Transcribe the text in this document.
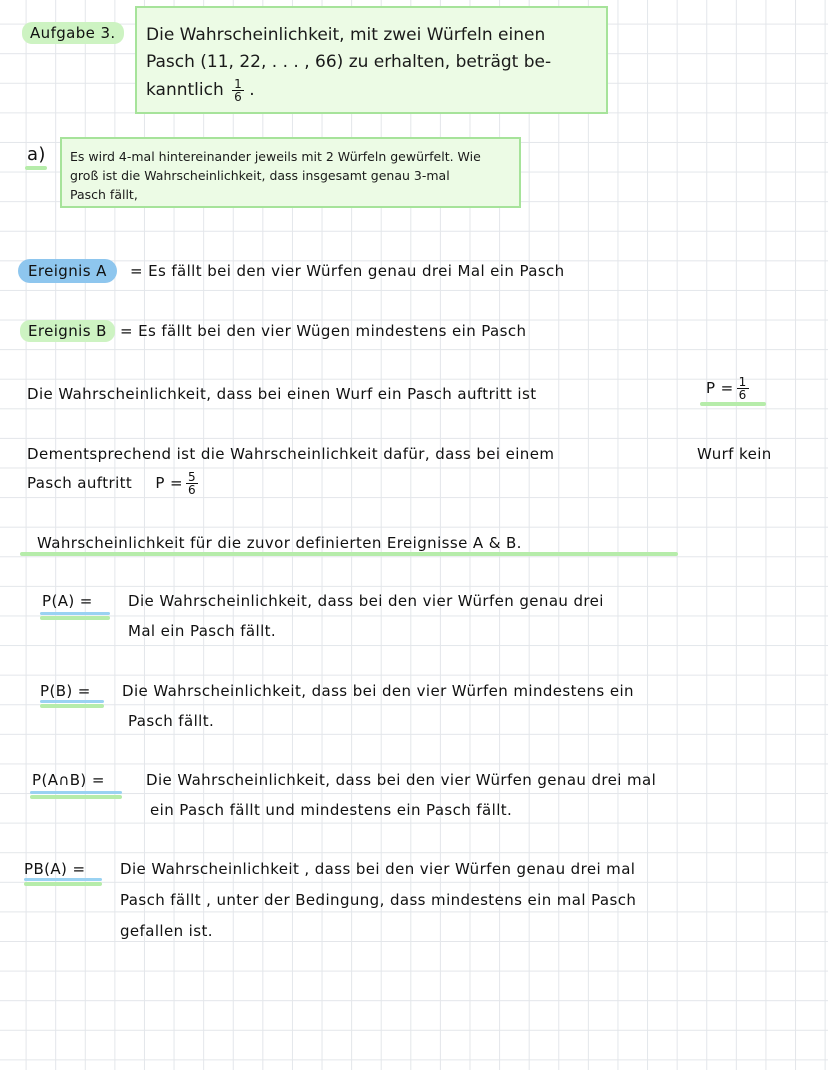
Aufgabe 3.	Die Wahrscheinlichkeit, mit zwei Würfeln einen
Pasch (11, 22, . . . , 66) zu erhalten, beträgt be-
kanntlich $\frac{1}{6}$ .
a) Es wird 4-mal hintereinander jeweils mit 2 Würfeln gewürfelt. Wie
groß ist die Wahrscheinlichkeit, dass insgesamt genau 3-mal
Pasch fällt,
Ereignis A = Es fällt bei den vier Würfen genau drei Mal ein Pasch
Ereignis B = Es fällt bei den vier Wügen mindestens ein Pasch
Die Wahrscheinlichkeit, dass bei einen Wurf ein Pasch auftritt ist	$P = \frac{1}{6}$
Dementsprechend ist die Wahrscheinlichkeit dafür, dass bei einem	Wurf kein
Pasch auftritt $P = \frac{5}{6}$
Wahrscheinlichkeit für die zuvor definierten Ereignisse A & B.
P(A) = Die Wahrscheinlichkeit, dass bei den vier Würfen genau drei
Mal ein Pasch fällt.
P(B) = Die Wahrscheinlichkeit, dass bei den vier Würfen mindestens ein
Pasch fällt.
P(A∩B) =	Die Wahrscheinlichkeit, dass bei den vier Würfen genau drei mal
ein Pasch fällt und mindestens ein Pasch fällt.
PB(A) = Die Wahrscheinlichkeit , dass bei den vier Würfen genau drei mal
Pasch fällt , unter der Bedingung, dass mindestens ein mal Pasch
gefallen ist.
